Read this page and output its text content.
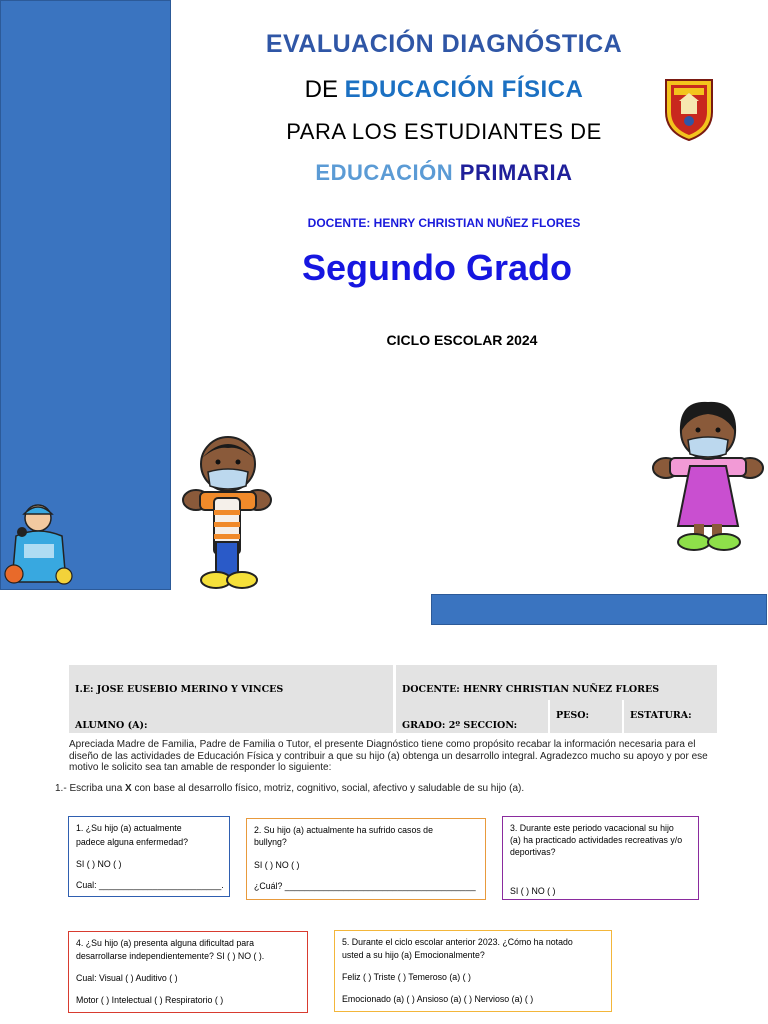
EVALUACIÓN DIAGNÓSTICA
DE EDUCACIÓN FÍSICA
PARA LOS ESTUDIANTES DE
EDUCACIÓN PRIMARIA
DOCENTE: HENRY CHRISTIAN NUÑEZ FLORES
Segundo Grado
CICLO ESCOLAR 2024
I.E: JOSE EUSEBIO MERINO Y VINCES
ALUMNO (A):
DOCENTE: HENRY CHRISTIAN NUÑEZ FLORES
GRADO: 2º SECCION:
PESO:	ESTATURA:
Apreciada Madre de Familia, Padre de Familia o Tutor, el presente Diagnóstico tiene como propósito recabar la información necesaria para el diseño de las actividades de Educación Física y contribuir a que su hijo (a) obtenga un desarrollo integral. Agradezco mucho su apoyo y por ese motivo le solicito sea tan amable de responder lo siguiente:
1.- Escriba una X con base al desarrollo físico, motriz, cognitivo, social, afectivo y saludable de su hijo (a).
1. ¿Su hijo (a) actualmente
padece alguna enfermedad?
SI ( ) NO ( )
Cual: _________________________.
2. Su hijo (a) actualmente ha sufrido casos de
bullyng?
SI ( ) NO ( )
¿Cuál? _______________________________________
3. Durante este periodo vacacional su hijo
(a) ha practicado actividades recreativas y/o
deportivas?
SI ( ) NO ( )
4. ¿Su hijo (a) presenta alguna dificultad para
desarrollarse independientemente? SI ( ) NO ( ).
Cual: Visual ( ) Auditivo ( )
Motor ( ) Intelectual ( ) Respiratorio ( )
5. Durante el ciclo escolar anterior 2023. ¿Cómo ha notado
usted a su hijo (a) Emocionalmente?
Feliz ( ) Triste ( ) Temeroso (a) ( )
Emocionado (a) ( ) Ansioso (a) ( ) Nervioso (a) ( )
